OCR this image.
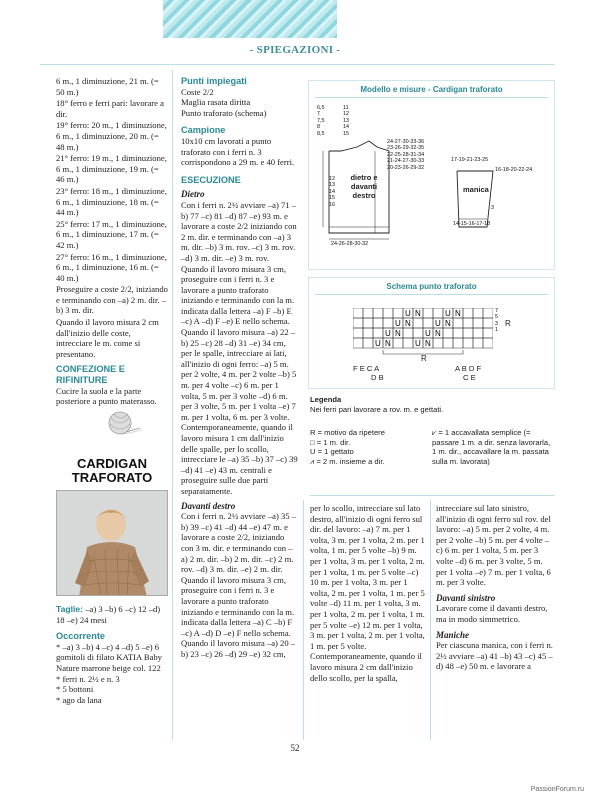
- SPIEGAZIONI -
6 m., 1 diminuzione, 21 m. (= 50 m.)
18° ferro e ferri pari: lavorare a dir.
19° ferro: 20 m., 1 diminuzione, 6 m., 1 diminuzione, 20 m. (= 48 m.)
21° ferro: 19 m., 1 diminuzione, 6 m., 1 diminuzione, 19 m. (= 46 m.)
23° ferro: 18 m., 1 diminuzione, 6 m., 1 diminuzione, 18 m. (= 44 m.)
25° ferro: 17 m., 1 diminuzione, 6 m., 1 diminuzione, 17 m. (= 42 m.)
27° ferro: 16 m., 1 diminuzione, 6 m., 1 diminuzione, 16 m. (= 40 m.)
Proseguire a coste 2/2, iniziando e terminando con –a) 2 m. dir. –b) 3 m. dir.
Quando il lavoro misura 2 cm dall'inizio delle coste, intrecciare le m. come si presentano.
CONFEZIONE E RIFINITURE

Cucire la suola e la parte posteriore a punto materasso.

CARDIGAN TRAFORATO

Taglie: –a) 3 –b) 6 –c) 12 –d) 18 –e) 24 mesi

Occorrente
* –a) 3 –b) 4 –c) 4 –d) 5 –e) 6 gomitoli di filato KATIA Baby Nature marrone beige col. 122
* ferri n. 2½ e n. 3
* 5 bottoni
* ago da lana
Punti impiegati

Coste 2/2

Maglia rasata diritta

Punto traforato (schema)

Campione

10x10 cm lavorati a punto traforato con i ferri n. 3 corrispondono a 29 m. e 40 ferri.

ESECUZIONE
Dietro

Con i ferri n. 2½ avviare –a) 71 –b) 77 –c) 81 –d) 87 –e) 93 m. e lavorare a coste 2/2 iniziando con 2 m. dir. e terminando con –a) 3 m. dir. –b) 3 m. rov. –c) 3 m. rov. –d) 3 m. dir. –e) 3 m. rov. Quando il lavoro misura 3 cm, proseguire con i ferri n. 3 e lavorare a punto traforato iniziando e terminando con la m. indicata dalla lettera –a) F –b) E –c) A –d) F –e) E nello schema. Quando il lavoro misura –a) 22 –b) 25 –c) 28 –d) 31 –e) 34 cm, per le spalle, intrecciare ai lati, all'inizio di ogni ferro: –a) 5 m. per 2 volte, 4 m. per 2 volte –b) 5 m. per 4 volte –c) 6 m. per 1 volta, 5 m. per 3 volte –d) 6 m. per 3 volte, 5 m. per 1 volta –e) 7 m. per 1 volta, 6 m. per 3 volte. Contemporaneamente, quando il lavoro misura 1 cm dall'inizio delle spalle, per lo scollo, intrecciare le –a) 35 –b) 37 –c) 39 –d) 41 –e) 43 m. centrali e proseguire sulle due parti separatamente.

Davanti destro

Con i ferri n. 2½ avviare –a) 35 –b) 39 –c) 41 –d) 44 –e) 47 m. e lavorare a coste 2/2, iniziando con 3 m. dir. e terminando con –a) 2 m. dir. –b) 2 m. dir. –c) 2 m. rov. –d) 3 m. dir. –e) 2 m. dir. Quando il lavoro misura 3 cm, proseguire con i ferri n. 3 e lavorare a punto traforato iniziando e terminando con la m. indicata dalla lettera –a) C –b) F –c) A –d) D –e) F nello schema. Quando il lavoro misura –a) 20 –b) 23 –c) 26 –d) 29 –e) 32 cm,

Modello e misure - Cardigan traforato
6,5
7
7,5
8
8,5
11
12
13
14
15
24-27-30-33-36
23-26-29-32-35
22-25-28-31-34
21-24-27-30-33
20-23-26-29-32
12
13
14
15
16
dietro e davanti destro
24-26-28-30-32
17-19-21-23-25
16-18-20-22-24
manica
3
14-15-16-17-18
Schema punto traforato
U N	U N
U N	U N
U N	U N
U N	U N
7
5
3
1
R
R
F E C A
D B
A B D F
C E
Legenda
Nei ferri pari lavorare a rov. m. e gettati.
R = motivo da ripetere
□ = 1 m. dir.
U = 1 gettato
⩘ = 2 m. insieme a dir.
⩗ = 1 accavallata semplice (= passare 1 m. a dir. senza lavorarla, 1 m. dir., accavallare la m. passata sulla m. lavorata)

per lo scollo, intrecciare sul lato destro, all'inizio di ogni ferro sul dir. del lavoro: –a) 7 m. per 1 volta, 3 m. per 1 volta, 2 m. per 1 volta, 1 m. per 5 volte –b) 9 m. per 1 volta, 3 m. per 1 volta, 2 m. per 1 volta, 1 m. per 5 volte –c) 10 m. per 1 volta, 3 m. per 1 volta, 2 m. per 1 volta, 1 m. per 5 volte –d) 11 m. per 1 volta, 3 m. per 1 volta, 2 m. per 1 volta, 1 m. per 5 volte –e) 12 m. per 1 volta, 3 m. per 1 volta, 2 m. per 1 volta, 1 m. per 5 volte. Contemporaneamente, quando il lavoro misura 2 cm dall'inizio dello scollo, per la spalla,

intrecciare sul lato sinistro, all'inizio di ogni ferro sul rov. del lavoro: –a) 5 m. per 2 volte, 4 m. per 2 volte –b) 5 m. per 4 volte –c) 6 m. per 1 volta, 5 m. per 3 volte –d) 6 m. per 3 volte, 5 m. per 1 volta –e) 7 m. per 1 volta, 6 m. per 3 volte.

Davanti sinistro

Lavorare come il davanti destro, ma in modo simmetrico.

Maniche

Per ciascuna manica, con i ferri n. 2½ avviare –a) 41 –b) 43 –c) 45 –d) 48 –e) 50 m. e lavorare a

52
PassionForum.ru
